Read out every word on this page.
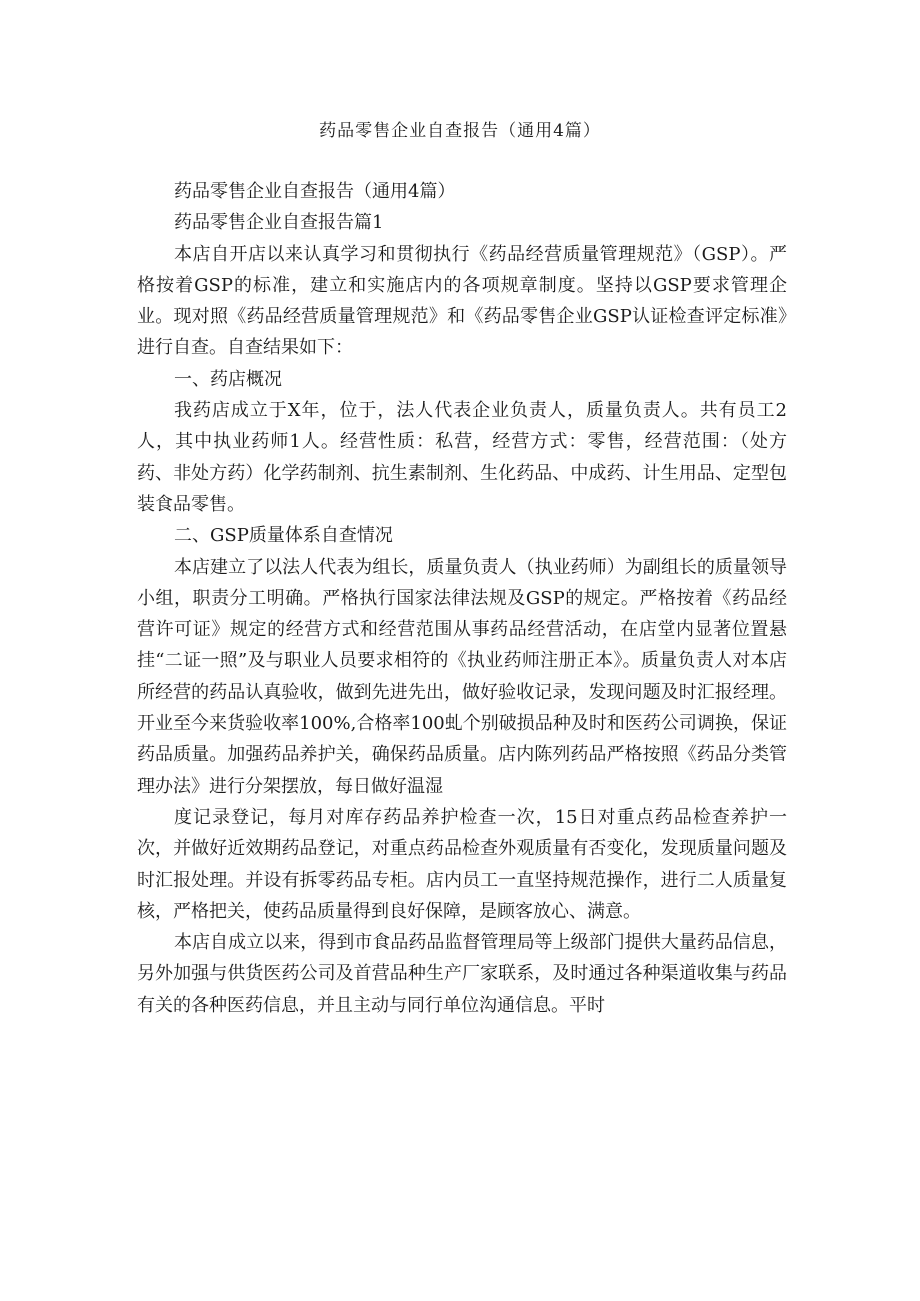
药品零售企业自查报告（通用4篇）

药品零售企业自查报告（通用4篇）

药品零售企业自查报告篇1

本店自开店以来认真学习和贯彻执行《药品经营质量管理规范》（GSP）。严格按着GSP的标准，建立和实施店内的各项规章制度。坚持以GSP要求管理企业。现对照《药品经营质量管理规范》和《药品零售企业GSP认证检查评定标准》进行自查。自查结果如下：

一、药店概况

我药店成立于X年，位于，法人代表企业负责人，质量负责人。共有员工2人，其中执业药师1人。经营性质：私营，经营方式：零售，经营范围：（处方药、非处方药）化学药制剂、抗生素制剂、生化药品、中成药、计生用品、定型包装食品零售。

二、GSP质量体系自查情况

本店建立了以法人代表为组长，质量负责人（执业药师）为副组长的质量领导小组，职责分工明确。严格执行国家法律法规及GSP的规定。严格按着《药品经营许可证》规定的经营方式和经营范围从事药品经营活动，在店堂内显著位置悬挂“二证一照”及与职业人员要求相符的《执业药师注册正本》。质量负责人对本店所经营的药品认真验收，做到先进先出，做好验收记录，发现问题及时汇报经理。开业至今来货验收率100%,合格率100虬个别破损品种及时和医药公司调换，保证药品质量。加强药品养护关，确保药品质量。店内陈列药品严格按照《药品分类管理办法》进行分架摆放，每日做好温湿

度记录登记，每月对库存药品养护检查一次，15日对重点药品检查养护一次，并做好近效期药品登记，对重点药品检查外观质量有否变化，发现质量问题及时汇报处理。并设有拆零药品专柜。店内员工一直坚持规范操作，进行二人质量复核，严格把关，使药品质量得到良好保障，是顾客放心、满意。

本店自成立以来，得到市食品药品监督管理局等上级部门提供大量药品信息，另外加强与供货医药公司及首营品种生产厂家联系，及时通过各种渠道收集与药品有关的各种医药信息，并且主动与同行单位沟通信息。平时
